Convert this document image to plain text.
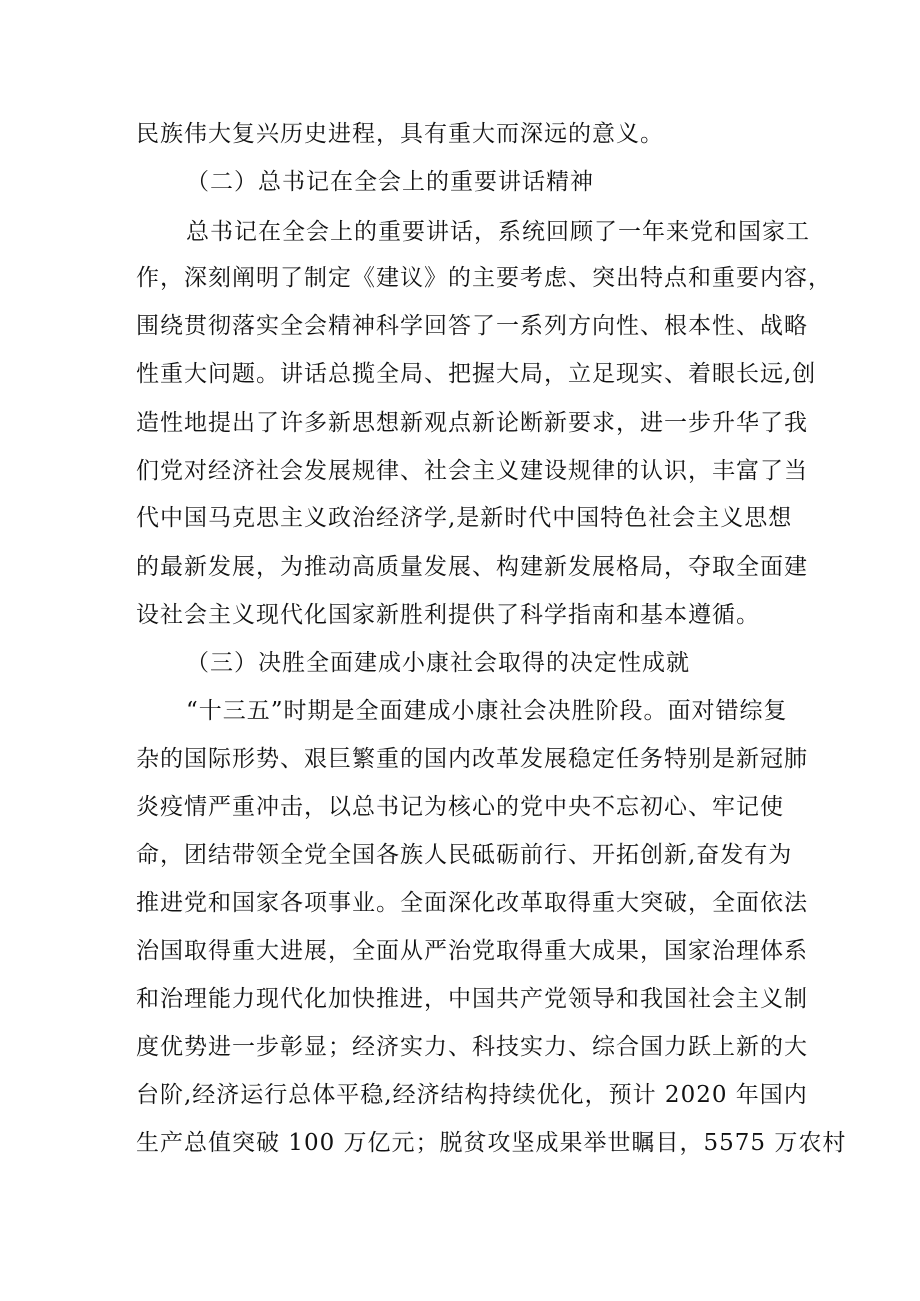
民族伟大复兴历史进程，具有重大而深远的意义。
（二）总书记在全会上的重要讲话精神
总书记在全会上的重要讲话，系统回顾了一年来党和国家工
作，深刻阐明了制定《建议》的主要考虑、突出特点和重要内容，
围绕贯彻落实全会精神科学回答了一系列方向性、根本性、战略
性重大问题。讲话总揽全局、把握大局，立足现实、着眼长远,创
造性地提出了许多新思想新观点新论断新要求，进一步升华了我
们党对经济社会发展规律、社会主义建设规律的认识，丰富了当
代中国马克思主义政治经济学,是新时代中国特色社会主义思想
的最新发展，为推动高质量发展、构建新发展格局，夺取全面建
设社会主义现代化国家新胜利提供了科学指南和基本遵循。
（三）决胜全面建成小康社会取得的决定性成就
“十三五”时期是全面建成小康社会决胜阶段。面对错综复
杂的国际形势、艰巨繁重的国内改革发展稳定任务特别是新冠肺
炎疫情严重冲击，以总书记为核心的党中央不忘初心、牢记使
命，团结带领全党全国各族人民砥砺前行、开拓创新,奋发有为
推进党和国家各项事业。全面深化改革取得重大突破，全面依法
治国取得重大进展，全面从严治党取得重大成果，国家治理体系
和治理能力现代化加快推进，中国共产党领导和我国社会主义制
度优势进一步彰显；经济实力、科技实力、综合国力跃上新的大
台阶,经济运行总体平稳,经济结构持续优化，预计 2020 年国内
生产总值突破 100 万亿元；脱贫攻坚成果举世瞩目，5575 万农村
